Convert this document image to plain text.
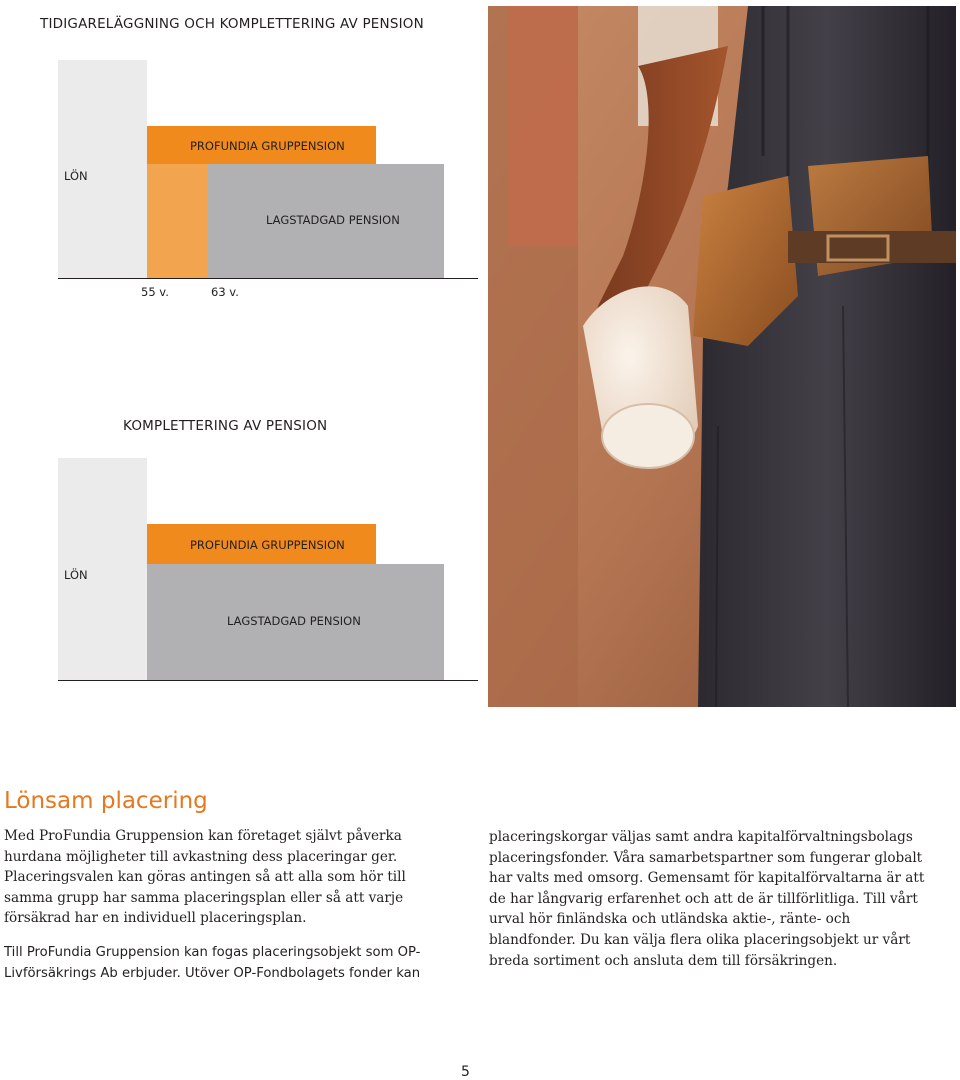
TIDIGARELÄGGNING OCH KOMPLETTERING AV PENSION
LÖN
PROFUNDIA GRUPPENSION
LAGSTADGAD PENSION
55 v.	63 v.
KOMPLETTERING AV PENSION
LÖN
PROFUNDIA GRUPPENSION
LAGSTADGAD PENSION
Lönsam placering

Med ProFundia Gruppension kan företaget självt påverka hurdana möjligheter till avkastning dess placeringar ger. Placeringsvalen kan göras antingen så att alla som hör till samma grupp har samma placeringsplan eller så att varje försäkrad har en individuell placeringsplan.

Till ProFundia Gruppension kan fogas placeringsobjekt som OP-Livförsäkrings Ab erbjuder. Utöver OP-Fondbolagets fonder kan

placeringskorgar väljas samt andra kapitalförvaltningsbolags placeringsfonder. Våra samarbetspartner som fungerar globalt har valts med omsorg. Gemensamt för kapitalförvaltarna är att de har långvarig erfarenhet och att de är tillförlitliga. Till vårt urval hör finländska och utländska aktie-, ränte- och blandfonder. Du kan välja flera olika placeringsobjekt ur vårt breda sortiment och ansluta dem till försäkringen.

5
